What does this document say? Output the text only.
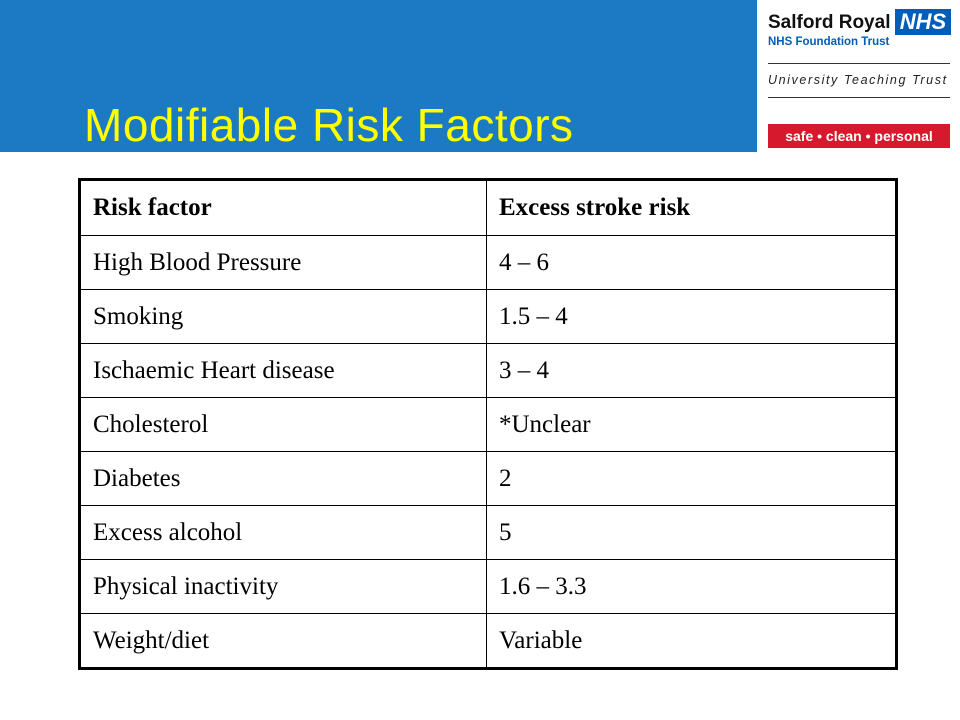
Modifiable Risk Factors
Salford Royal NHS
NHS Foundation Trust
University Teaching Trust
safe • clean • personal
Risk factor	Excess stroke risk
High Blood Pressure	4 – 6
Smoking	1.5 – 4
Ischaemic Heart disease	3 – 4
Cholesterol	*Unclear
Diabetes	2
Excess alcohol	5
Physical inactivity	1.6 – 3.3
Weight/diet	Variable
